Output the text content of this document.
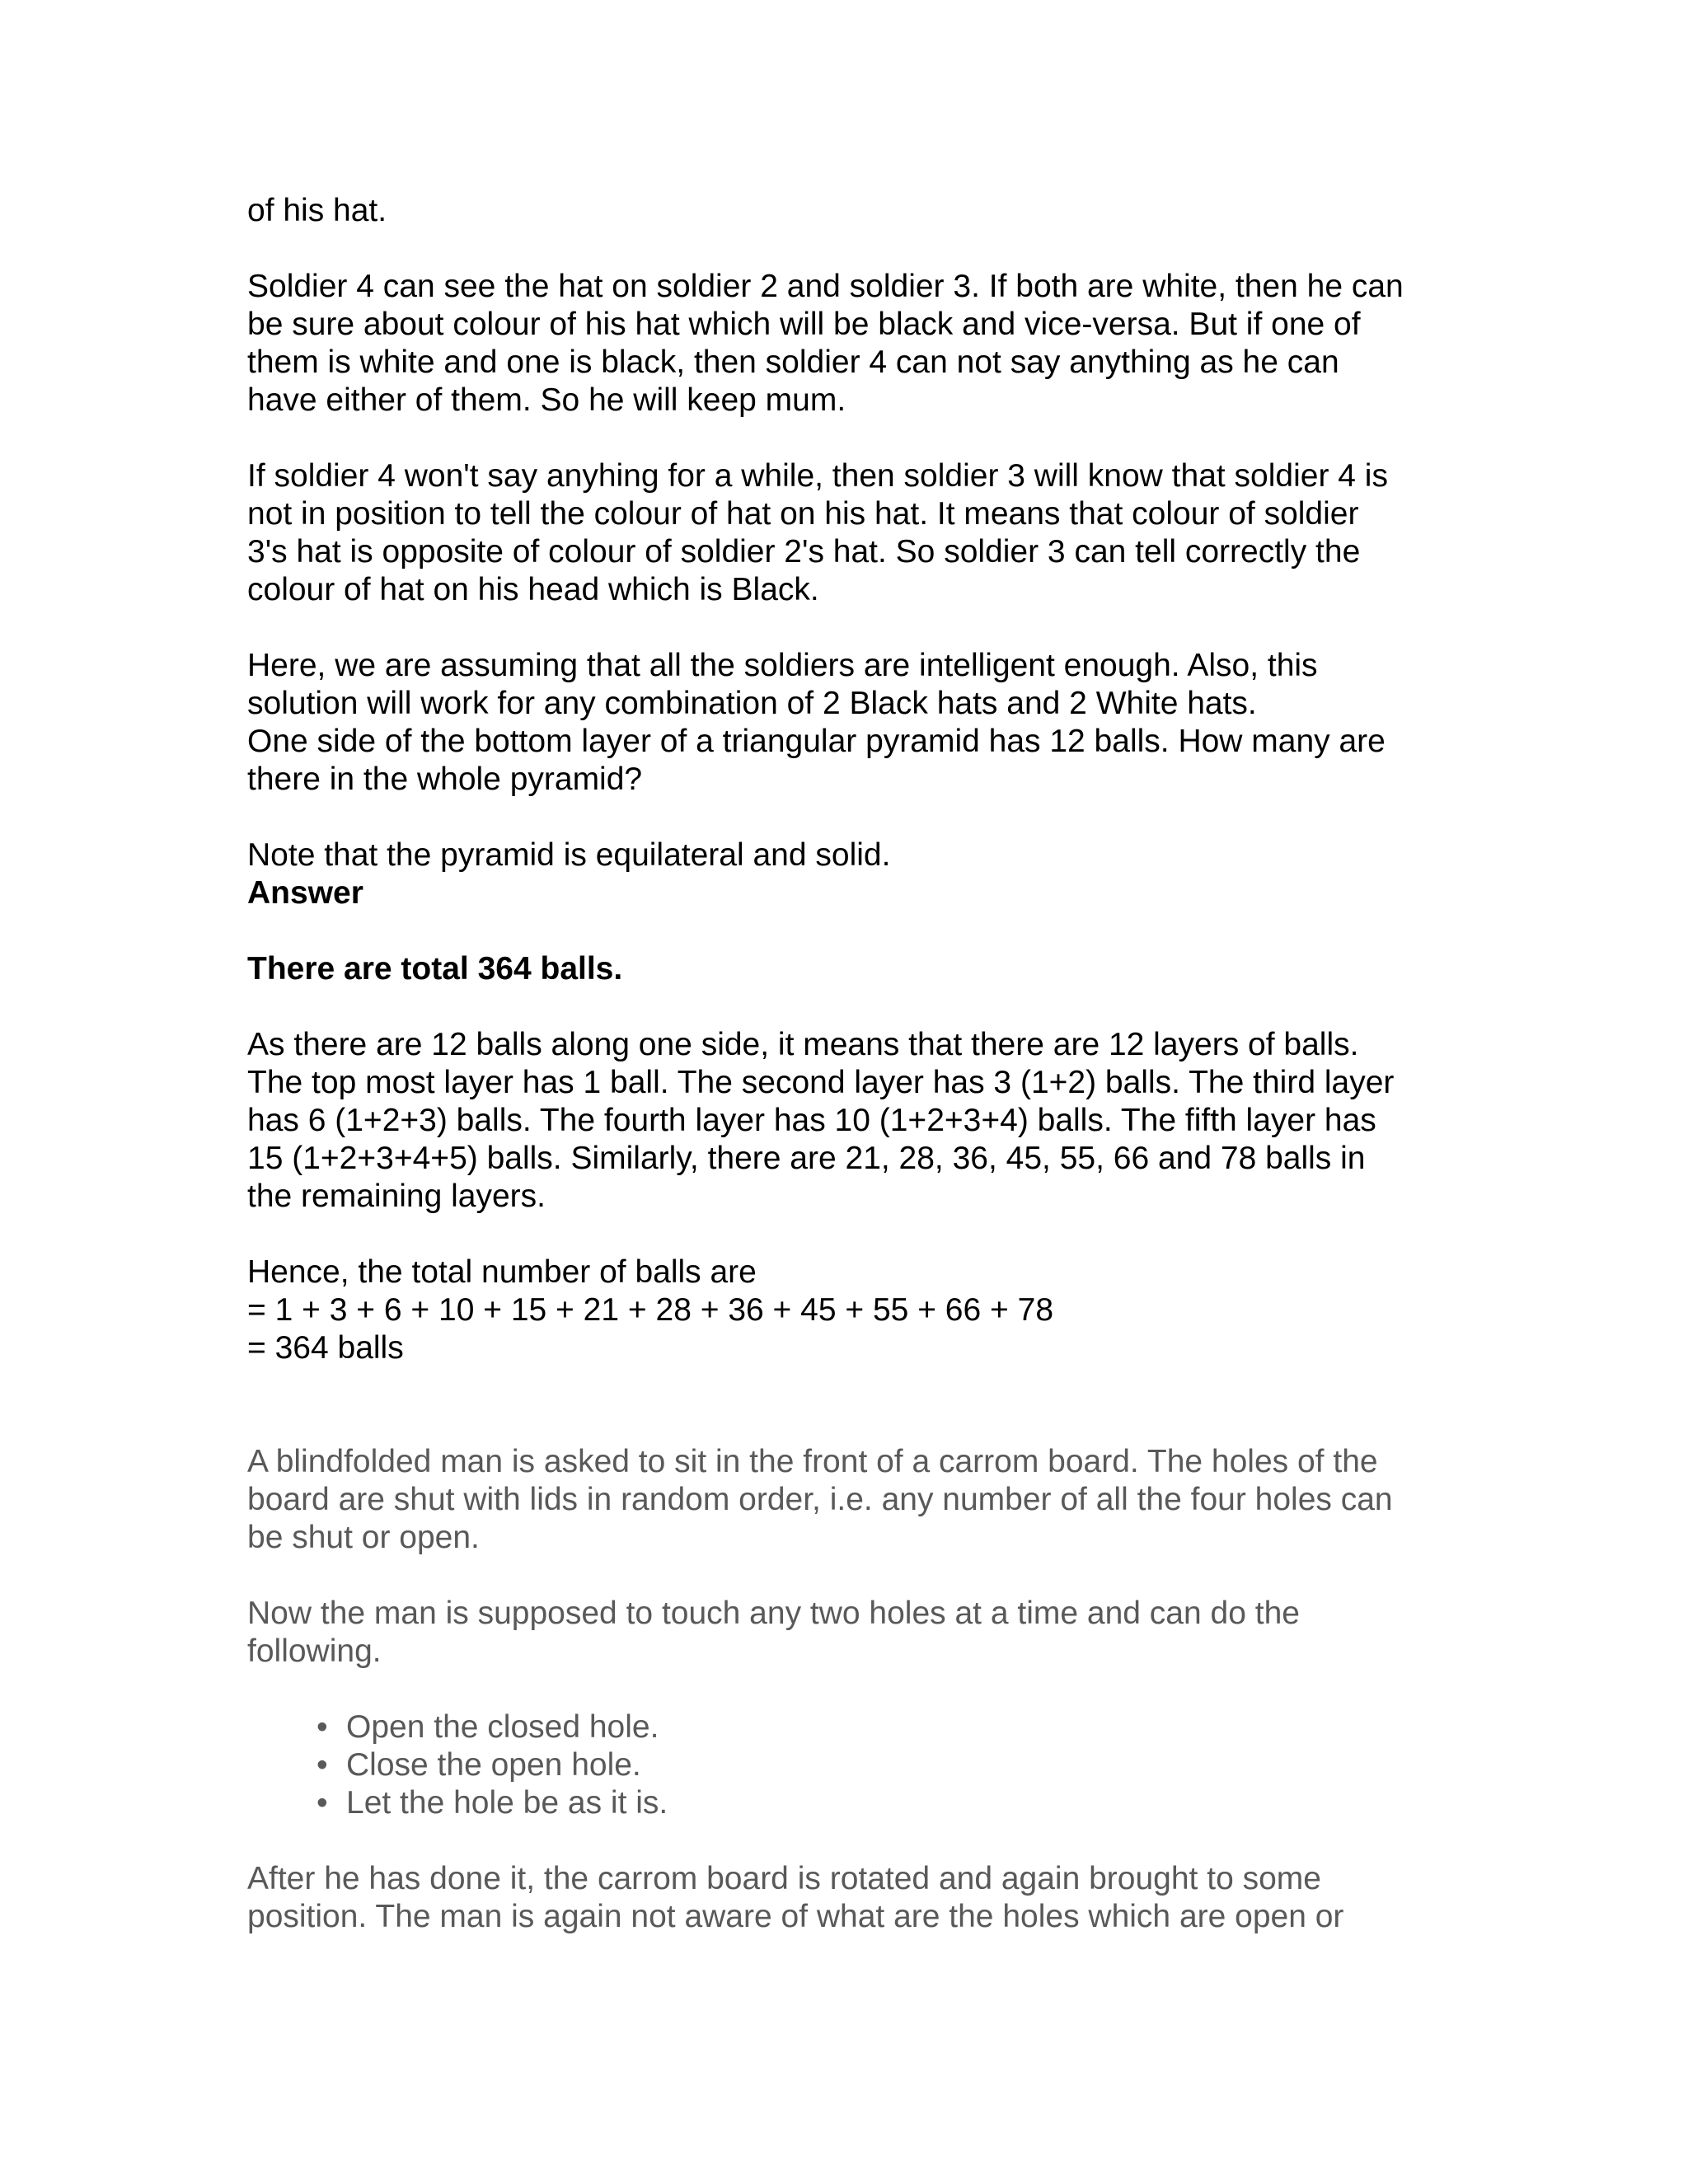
of his hat.

Soldier 4 can see the hat on soldier 2 and soldier 3. If both are white, then he can
be sure about colour of his hat which will be black and vice-versa. But if one of
them is white and one is black, then soldier 4 can not say anything as he can
have either of them. So he will keep mum.

If soldier 4 won't say anyhing for a while, then soldier 3 will know that soldier 4 is
not in position to tell the colour of hat on his hat. It means that colour of soldier
3's hat is opposite of colour of soldier 2's hat. So soldier 3 can tell correctly the
colour of hat on his head which is Black.

Here, we are assuming that all the soldiers are intelligent enough. Also, this
solution will work for any combination of 2 Black hats and 2 White hats.
One side of the bottom layer of a triangular pyramid has 12 balls. How many are
there in the whole pyramid?

Note that the pyramid is equilateral and solid.

Answer

There are total 364 balls.

As there are 12 balls along one side, it means that there are 12 layers of balls.
The top most layer has 1 ball. The second layer has 3 (1+2) balls. The third layer
has 6 (1+2+3) balls. The fourth layer has 10 (1+2+3+4) balls. The fifth layer has
15 (1+2+3+4+5) balls. Similarly, there are 21, 28, 36, 45, 55, 66 and 78 balls in
the remaining layers.

Hence, the total number of balls are
= 1 + 3 + 6 + 10 + 15 + 21 + 28 + 36 + 45 + 55 + 66 + 78
= 364 balls

A blindfolded man is asked to sit in the front of a carrom board. The holes of the
board are shut with lids in random order, i.e. any number of all the four holes can
be shut or open.

Now the man is supposed to touch any two holes at a time and can do the
following.

• Open the closed hole.
• Close the open hole.
• Let the hole be as it is.

After he has done it, the carrom board is rotated and again brought to some
position. The man is again not aware of what are the holes which are open or
